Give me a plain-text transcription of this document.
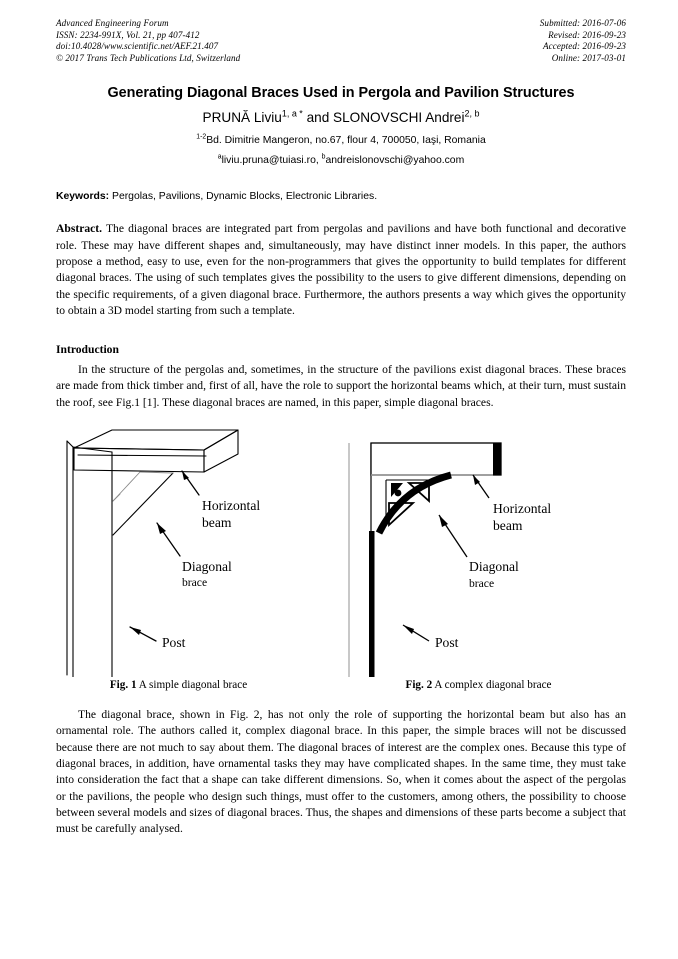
Advanced Engineering Forum
ISSN: 2234-991X, Vol. 21, pp 407-412
doi:10.4028/www.scientific.net/AEF.21.407
© 2017 Trans Tech Publications Ltd, Switzerland
Submitted: 2016-07-06
Revised: 2016-09-23
Accepted: 2016-09-23
Online: 2017-03-01
Generating Diagonal Braces Used in Pergola and Pavilion Structures
PRUNĂ Liviu$^{1, a *}$ and SLONOVSCHI Andrei$^{2, b}$
$^{1-2}$Bd. Dimitrie Mangeron, no.67, flour 4, 700050, Iaşi, Romania
$^a$liviu.pruna@tuiasi.ro, $^b$andreislonovschi@yahoo.com
Keywords: Pergolas, Pavilions, Dynamic Blocks, Electronic Libraries.
Abstract. The diagonal braces are integrated part from pergolas and pavilions and have both functional and decorative role. These may have different shapes and, simultaneously, may have distinct inner models. In this paper, the authors propose a method, easy to use, even for the non-programmers that gives the opportunity to build templates for different diagonal braces. The using of such templates gives the possibility to the users to give different dimensions, depending on the specific requirements, of a given diagonal brace. Furthermore, the authors presents a way which gives the opportunity to obtain a 3D model starting from such a template.
Introduction
In the structure of the pergolas and, sometimes, in the structure of the pavilions exist diagonal braces. These braces are made from thick timber and, first of all, have the role to support the horizontal beams which, at their turn, must sustain the roof, see Fig.1 [1]. These diagonal braces are named, in this paper, simple diagonal braces.
Horizontal
beam
Diagonal
brace
Post
Horizontal
beam
Diagonal
brace
Post
Fig. 1 A simple diagonal brace	Fig. 2 A complex diagonal brace
The diagonal brace, shown in Fig. 2, has not only the role of supporting the horizontal beam but also has an ornamental role. The authors called it, complex diagonal brace. In this paper, the simple braces will not be discussed because there are not much to say about them. The diagonal braces of interest are the complex ones. Because this type of diagonal braces, in addition, have ornamental tasks they may have complicated shapes. In the same time, they must take into consideration the fact that a shape can take different dimensions. So, when it comes about the aspect of the pergolas or the pavilions, the people who design such things, must offer to the customers, among others, the possibility to choose between several models and sizes of diagonal braces. Thus, the shapes and dimensions of these parts become a subject that must be carefully analysed.
